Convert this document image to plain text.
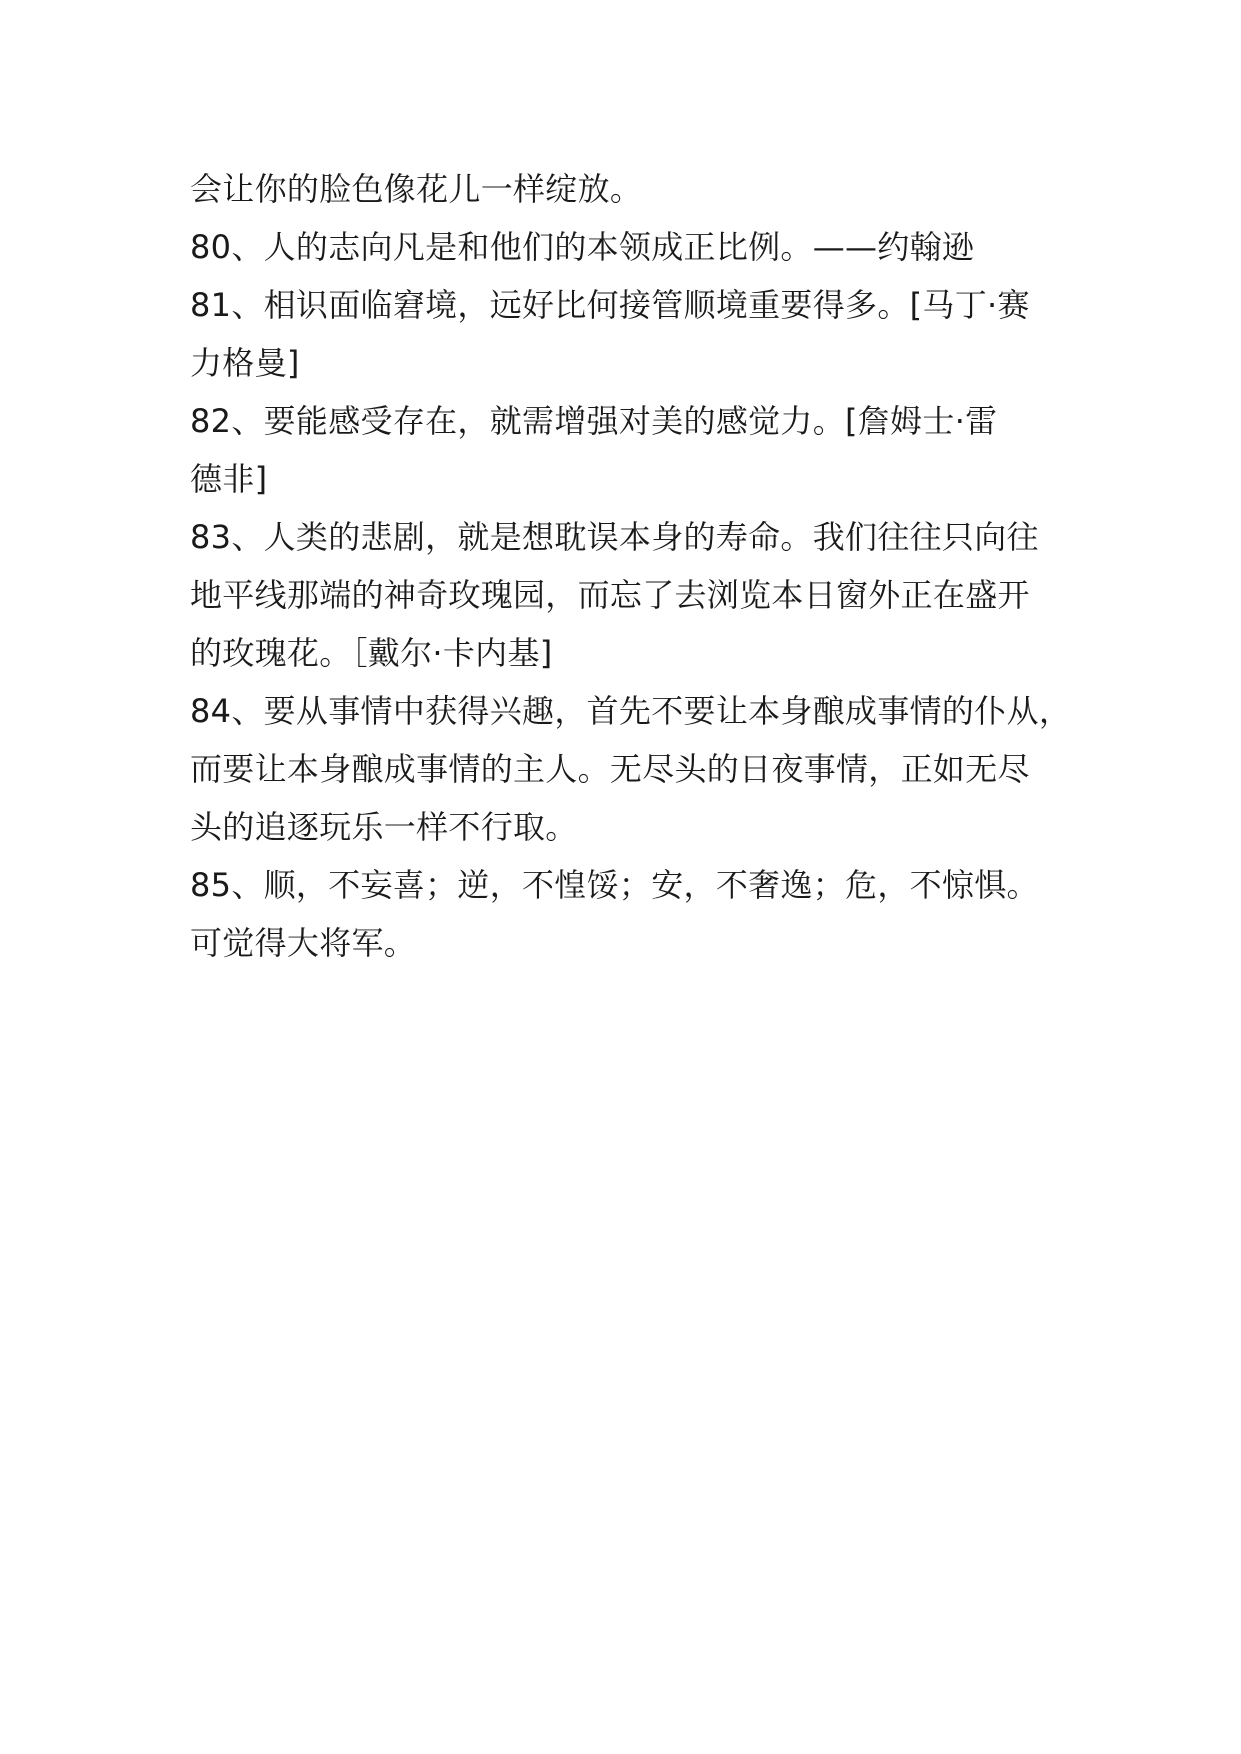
会让你的脸色像花儿一样绽放。
80、人的志向凡是和他们的本领成正比例。——约翰逊
81、相识面临窘境，远好比何接管顺境重要得多。[马丁·赛
力格曼]
82、要能感受存在，就需增强对美的感觉力。[詹姆士·雷
德非]
83、人类的悲剧，就是想耽误本身的寿命。我们往往只向往
地平线那端的神奇玫瑰园，而忘了去浏览本日窗外正在盛开
的玫瑰花。［戴尔·卡内基]
84、要从事情中获得兴趣，首先不要让本身酿成事情的仆从，
而要让本身酿成事情的主人。无尽头的日夜事情，正如无尽
头的追逐玩乐一样不行取。
85、顺，不妄喜；逆，不惶馁；安，不奢逸；危，不惊惧。
可觉得大将军。
